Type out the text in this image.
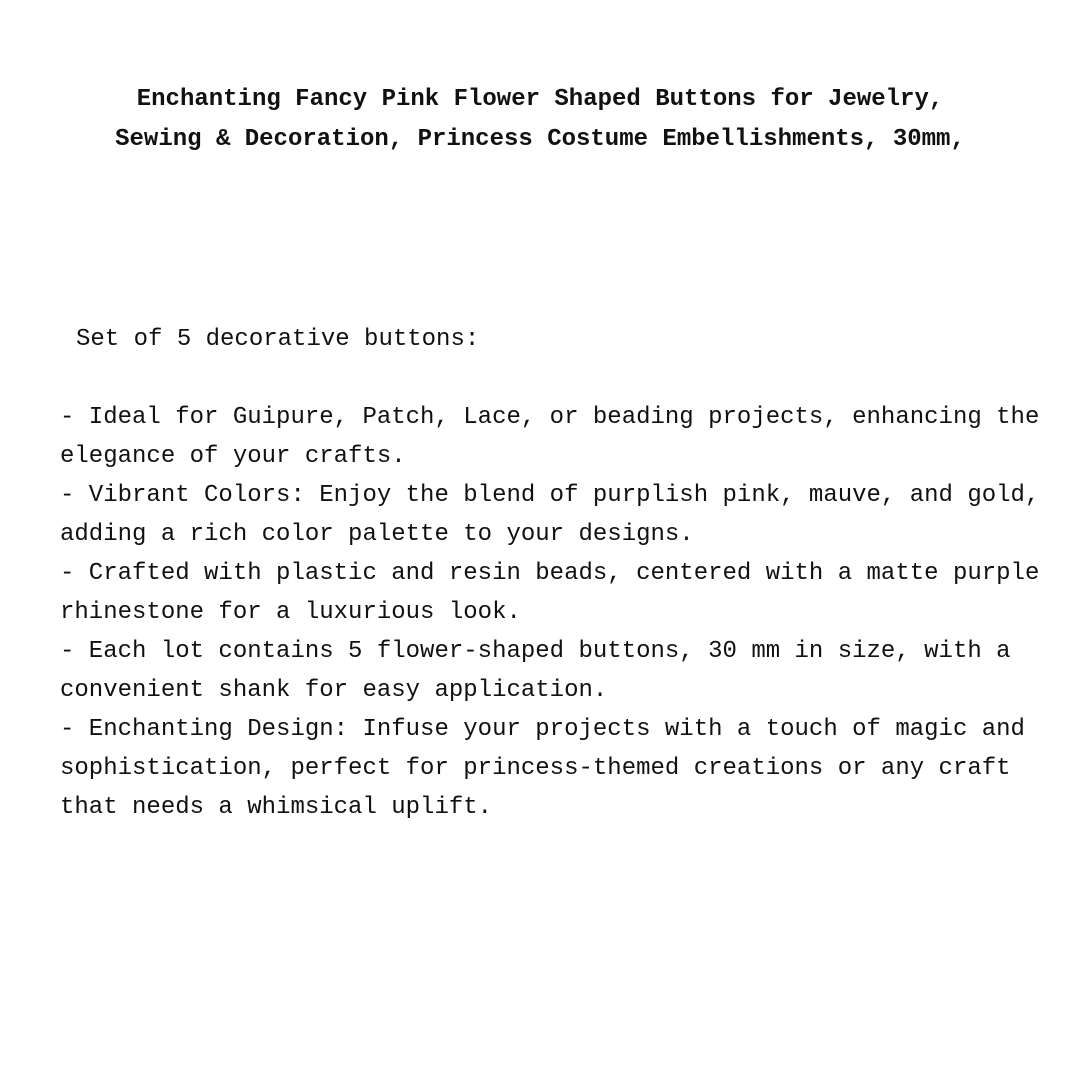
Enchanting Fancy Pink Flower Shaped Buttons for Jewelry, Sewing & Decoration, Princess Costume Embellishments, 30mm,

Set of 5 decorative buttons:

- Ideal for Guipure, Patch, Lace, or beading projects, enhancing the elegance of your crafts.
- Vibrant Colors: Enjoy the blend of purplish pink, mauve, and gold, adding a rich color palette to your designs.
- Crafted with plastic and resin beads, centered with a matte purple rhinestone for a luxurious look.
- Each lot contains 5 flower-shaped buttons, 30 mm in size, with a convenient shank for easy application.
- Enchanting Design: Infuse your projects with a touch of magic and sophistication, perfect for princess-themed creations or any craft that needs a whimsical uplift.
